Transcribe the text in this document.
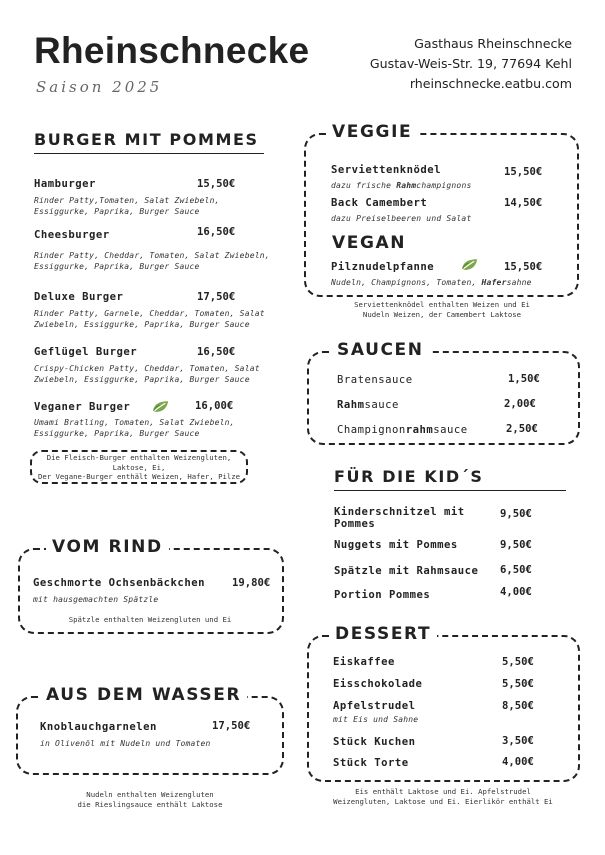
Rheinschnecke
Saison 2025
Gasthaus Rheinschnecke
Gustav-Weis-Str. 19, 77694 Kehl
rheinschnecke.eatbu.com
BURGER MIT POMMES
Hamburger	15,50€
Rinder Patty,Tomaten, Salat Zwiebeln,
Essiggurke, Paprika, Burger Sauce
Cheesburger	16,50€
Rinder Patty, Cheddar, Tomaten, Salat Zwiebeln,
Essiggurke, Paprika, Burger Sauce
Deluxe Burger	17,50€
Rinder Patty, Garnele, Cheddar, Tomaten, Salat
Zwiebeln, Essiggurke, Paprika, Burger Sauce
Geflügel Burger	16,50€
Crispy-Chicken Patty, Cheddar, Tomaten, Salat
Zwiebeln, Essiggurke, Paprika, Burger Sauce
Veganer Burger	16,00€
Umami Bratling, Tomaten, Salat Zwiebeln,
Essiggurke, Paprika, Burger Sauce
Die Fleisch-Burger enthalten Weizengluten,
Laktose, Ei,
Der Vegane-Burger enthält Weizen, Hafer, Pilze
VOM RIND
Geschmorte Ochsenbäckchen	19,80€
mit hausgemachten Spätzle
Spätzle enthalten Weizengluten und Ei
AUS DEM WASSER
Knoblauchgarnelen	17,50€
in Olivenöl mit Nudeln und Tomaten
Nudeln enthalten Weizengluten
die Rieslingsauce enthält Laktose
VEGGIE
Serviettenknödel	15,50€
dazu frische Rahmchampignons
Back Camembert	14,50€
dazu Preiselbeeren und Salat
VEGAN
Pilznudelpfanne	15,50€
Nudeln, Champignons, Tomaten, Hafersahne
Serviettenknödel enthalten Weizen und Ei
Nudeln Weizen, der Camembert Laktose
SAUCEN
Bratensauce	1,50€
Rahmsauce	2,00€
Champignonrahmsauce	2,50€
FÜR DIE KID´S
Kinderschnitzel mit
Pommes
9,50€
Nuggets mit Pommes	9,50€
Spätzle mit Rahmsauce 6,50€
Portion Pommes	4,00€
DESSERT
Eiskaffee	5,50€
Eisschokolade	5,50€
Apfelstrudel	8,50€
mit Eis und Sahne
Stück Kuchen	3,50€
Stück Torte	4,00€
Eis enthält Laktose und Ei. Apfelstrudel
Weizengluten, Laktose und Ei. Eierlikör enthält Ei
